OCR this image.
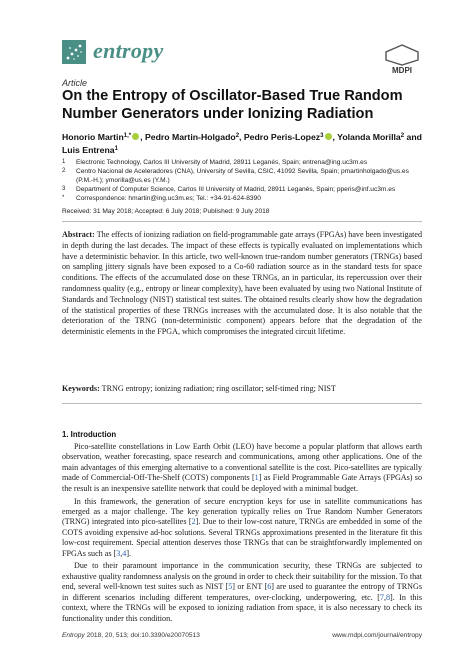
entropy
MDPI
Article
On the Entropy of Oscillator-Based True Random Number Generators under Ionizing Radiation
Honorio Martin$^{1,*}$ , Pedro Martin-Holgado$^2$, Pedro Peris-Lopez$^3$ , Yolanda Morilla$^2$ and Luis Entrena$^1$
1 Electronic Technology, Carlos III University of Madrid, 28911 Leganés, Spain; entrena@ing.uc3m.es
2 Centro Nacional de Aceleradores (CNA), University of Sevilla, CSIC, 41092 Sevilla, Spain; pmartinholgado@us.es (P.M.-H.); ymorilla@us.es (Y.M.)
3 Department of Computer Science, Carlos III University of Madrid, 28911 Leganés, Spain; pperis@inf.uc3m.es
* Correspondence: hmartin@ing.uc3m.es; Tel.: +34-91-624-8390
Received: 31 May 2018; Accepted: 6 July 2018; Published: 9 July 2018
Abstract: The effects of ionizing radiation on field-programmable gate arrays (FPGAs) have been investigated in depth during the last decades. The impact of these effects is typically evaluated on implementations which have a deterministic behavior. In this article, two well-known true-random number generators (TRNGs) based on sampling jittery signals have been exposed to a Co-60 radiation source as in the standard tests for space conditions. The effects of the accumulated dose on these TRNGs, an in particular, its repercussion over their randomness quality (e.g., entropy or linear complexity), have been evaluated by using two National Institute of Standards and Technology (NIST) statistical test suites. The obtained results clearly show how the degradation of the statistical properties of these TRNGs increases with the accumulated dose. It is also notable that the deterioration of the TRNG (non-deterministic component) appears before that the degradation of the deterministic elements in the FPGA, which compromises the integrated circuit lifetime.
Keywords: TRNG entropy; ionizing radiation; ring oscillator; self-timed ring; NIST
1. Introduction

Pico-satellite constellations in Low Earth Orbit (LEO) have become a popular platform that allows earth observation, weather forecasting, space research and communications, among other applications. One of the main advantages of this emerging alternative to a conventional satellite is the cost. Pico-satellites are typically made of Commercial-Off-The-Shelf (COTS) components [1] as Field Programmable Gate Arrays (FPGAs) so the result is an inexpensive satellite network that could be deployed with a minimal budget.

In this framework, the generation of secure encryption keys for use in satellite communications has emerged as a major challenge. The key generation typically relies on True Random Number Generators (TRNG) integrated into pico-satellites [2]. Due to their low-cost nature, TRNGs are embedded in some of the COTS avoiding expensive ad-hoc solutions. Several TRNGs approximations presented in the literature fit this low-cost requirement. Special attention deserves those TRNGs that can be straightforwardly implemented on FPGAs such as [3,4].

Due to their paramount importance in the communication security, these TRNGs are subjected to exhaustive quality randomness analysis on the ground in order to check their suitability for the mission. To that end, several well-known test suites such as NIST [5] or ENT [6] are used to guarantee the entropy of TRNGs in different scenarios including different temperatures, over-clocking, underpowering, etc. [7,8]. In this context, where the TRNGs will be exposed to ionizing radiation from space, it is also necessary to check its functionality under this condition.

Entropy 2018, 20, 513; doi:10.3390/e20070513	www.mdpi.com/journal/entropy
